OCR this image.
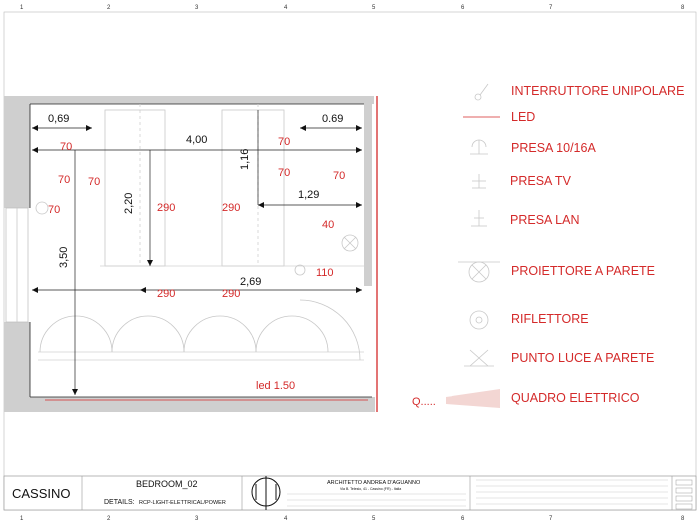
1	2	3	4	5	6	7	8
1	2	3	4	5	6	7	8
0,69	0.69
4,00
1,16
1,29
2,20
3,50
2,69
70	70
70 70
70	70
70	290	290
40
110
290	290
led 1.50
Q.....
INTERRUTTORE UNIPOLARE
LED
PRESA 10/16A
PRESA TV
PRESA LAN
PROIETTORE A PARETE
RIFLETTORE
PUNTO LUCE A PARETE
QUADRO ELETTRICO
CASSINO
BEDROOM_02
DETAILS: RCP-LIGHT-ELETTRICAL/POWER
ARCHITETTO ANDREA D'AGUANNO
Via B. Telesio, 41 - Cassino (FR) - Italia
